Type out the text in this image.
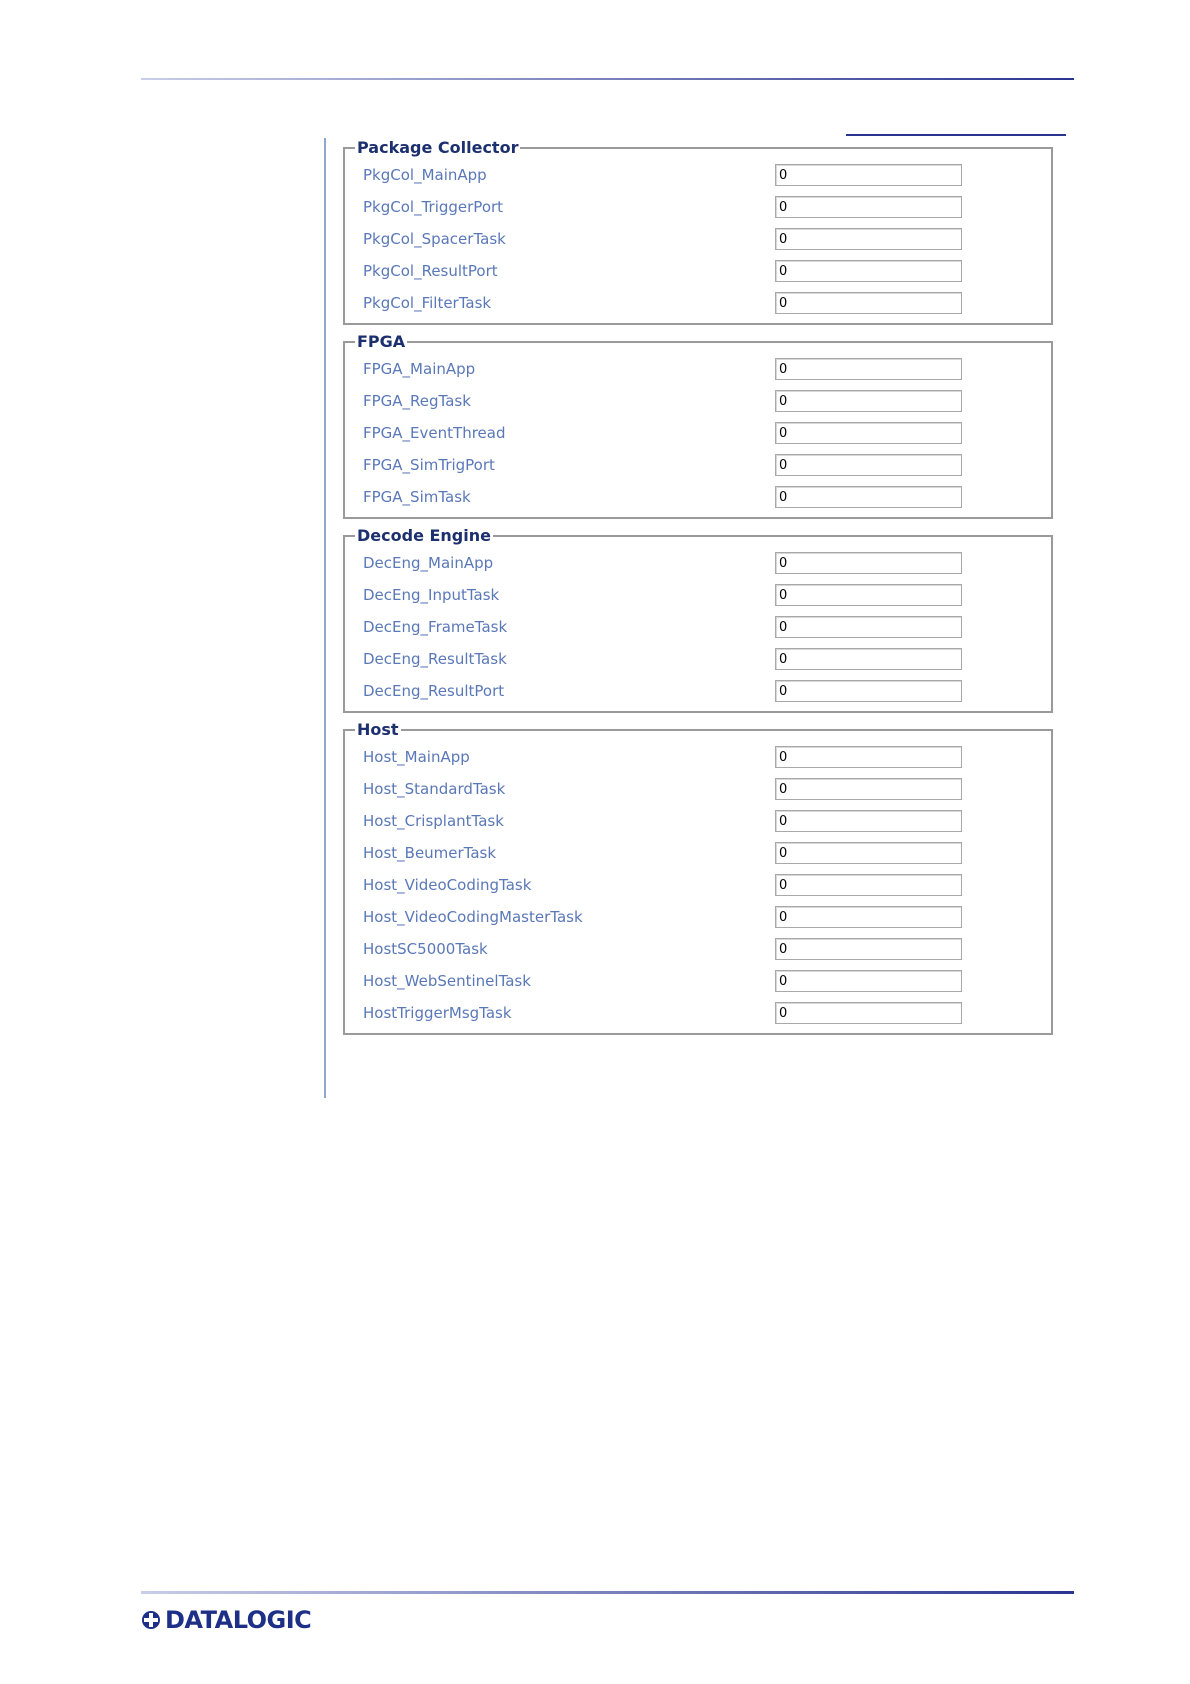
Package Collector
PkgCol_MainApp
0
PkgCol_TriggerPort
0
PkgCol_SpacerTask
0
PkgCol_ResultPort
0
PkgCol_FilterTask
0
FPGA
FPGA_MainApp
0
FPGA_RegTask
0
FPGA_EventThread
0
FPGA_SimTrigPort
0
FPGA_SimTask
0
Decode Engine
DecEng_MainApp
0
DecEng_InputTask
0
DecEng_FrameTask
0
DecEng_ResultTask
0
DecEng_ResultPort
0
Host
Host_MainApp
0
Host_StandardTask
0
Host_CrisplantTask
0
Host_BeumerTask
0
Host_VideoCodingTask
0
Host_VideoCodingMasterTask
0
HostSC5000Task
0
Host_WebSentinelTask
0
HostTriggerMsgTask
0
DATALOGIC
